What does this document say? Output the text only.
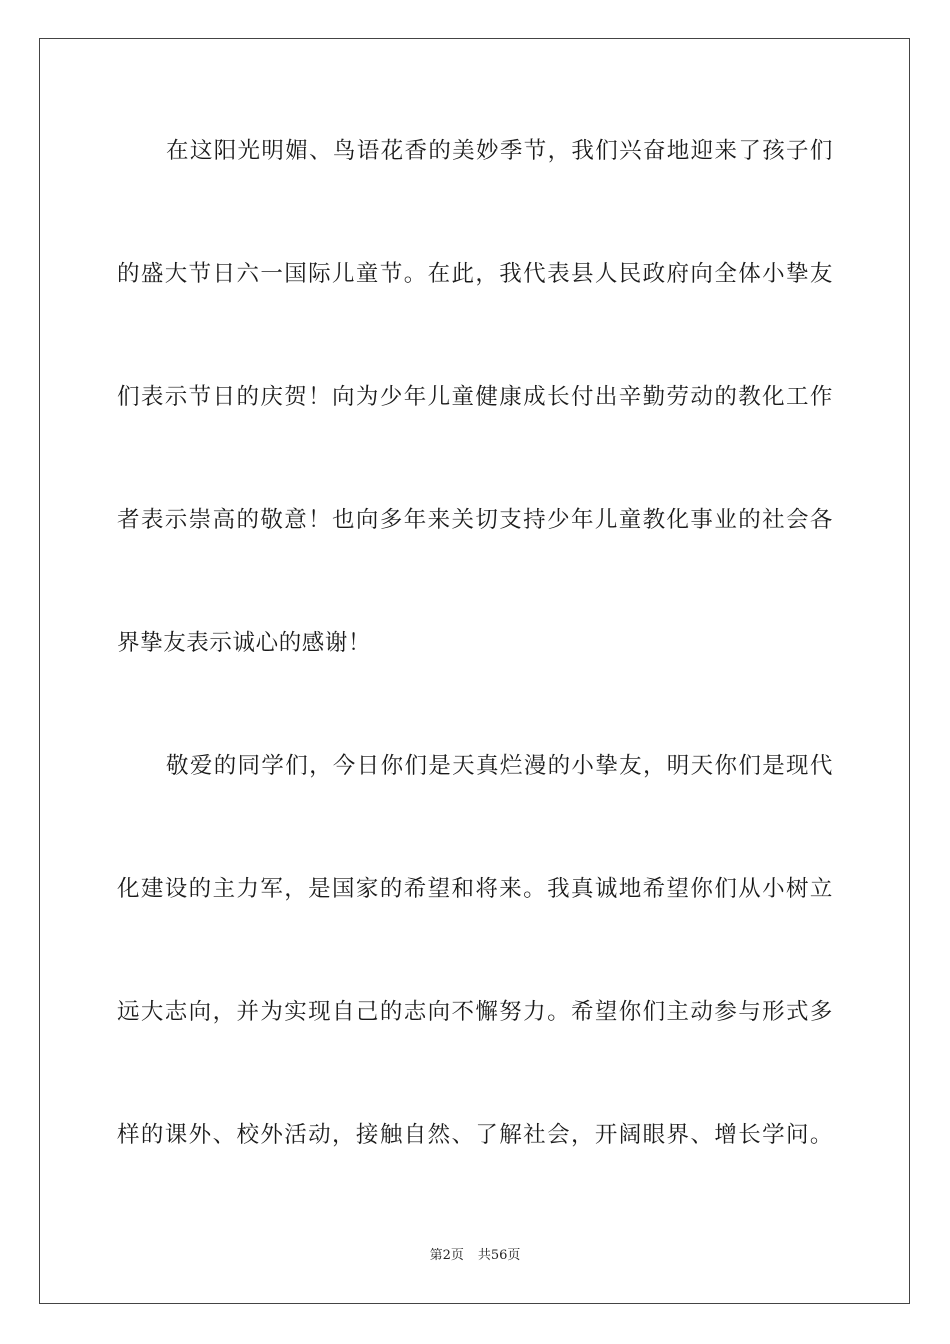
在这阳光明媚、鸟语花香的美妙季节，我们兴奋地迎来了孩子们
的盛大节日六一国际儿童节。在此，我代表县人民政府向全体小挚友
们表示节日的庆贺！向为少年儿童健康成长付出辛勤劳动的教化工作
者表示崇高的敬意！也向多年来关切支持少年儿童教化事业的社会各
界挚友表示诚心的感谢！
敬爱的同学们，今日你们是天真烂漫的小挚友，明天你们是现代
化建设的主力军，是国家的希望和将来。我真诚地希望你们从小树立
远大志向，并为实现自己的志向不懈努力。希望你们主动参与形式多
样的课外、校外活动，接触自然、了解社会，开阔眼界、增长学问。
第2页 共56页
